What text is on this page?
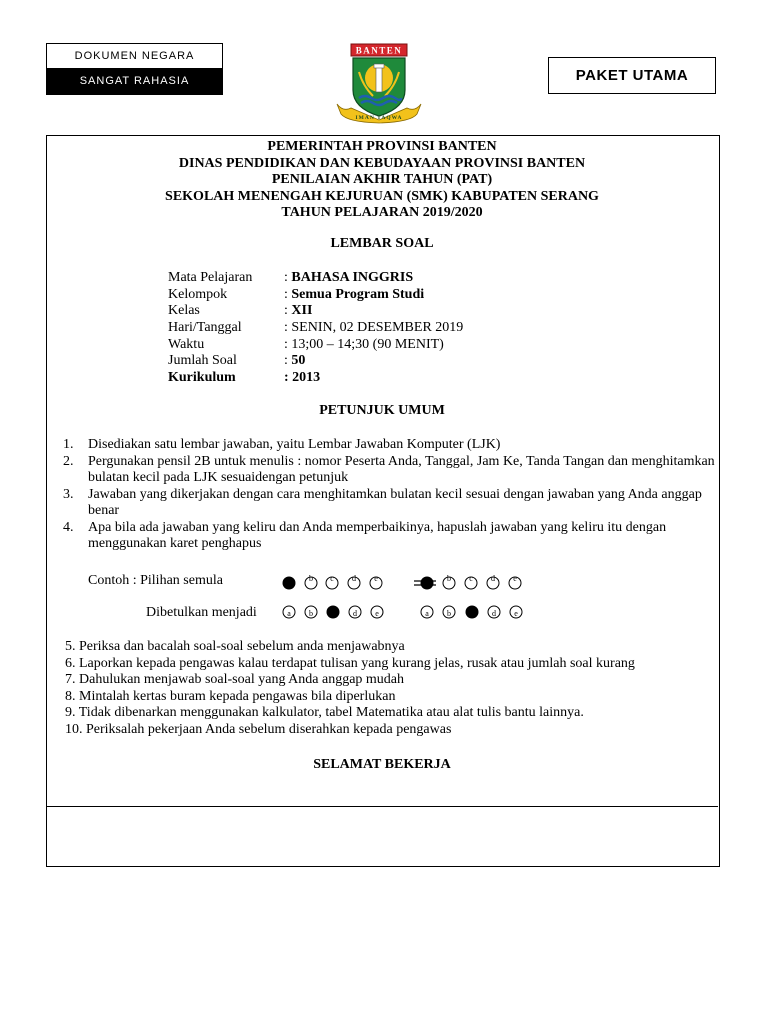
DOKUMEN NEGARA
SANGAT RAHASIA
BANTEN
IMAN TAQWA
PAKET UTAMA
PEMERINTAH PROVINSI BANTEN
DINAS PENDIDIKAN DAN KEBUDAYAAN PROVINSI BANTEN
PENILAIAN AKHIR TAHUN (PAT)
SEKOLAH MENENGAH KEJURUAN (SMK) KABUPATEN SERANG
TAHUN PELAJARAN 2019/2020
LEMBAR SOAL
Mata Pelajaran : BAHASA INGGRIS
Kelompok	: Semua Program Studi
Kelas	: XII
Hari/Tanggal	: SENIN, 02 DESEMBER 2019
Waktu	: 13;00 – 14;30 (90 MENIT)
Jumlah Soal	: 50
Kurikulum	: 2013
PETUNJUK UMUM
1. Disediakan satu lembar jawaban, yaitu Lembar Jawaban Komputer (LJK)
2. Pergunakan pensil 2B untuk menulis : nomor Peserta Anda, Tanggal, Jam Ke, Tanda Tangan dan menghitamkan bulatan kecil pada LJK sesuaidengan petunjuk
3. Jawaban yang dikerjakan dengan cara menghitamkan bulatan kecil sesuai dengan jawaban yang Anda anggap benar
4. Apa bila ada jawaban yang keliru dan Anda memperbaikinya, hapuslah jawaban yang keliru itu dengan menggunakan karet penghapus
Contoh : Pilihan semula	b c d e	b c d e
Dibetulkan menjadi	a b	d e	a b	d e
5. Periksa dan bacalah soal-soal sebelum anda menjawabnya
6. Laporkan kepada pengawas kalau terdapat tulisan yang kurang jelas, rusak atau jumlah soal kurang
7. Dahulukan menjawab soal-soal yang Anda anggap mudah
8. Mintalah kertas buram kepada pengawas bila diperlukan
9. Tidak dibenarkan menggunakan kalkulator, tabel Matematika atau alat tulis bantu lainnya.
10. Periksalah pekerjaan Anda sebelum diserahkan kepada pengawas
SELAMAT BEKERJA
